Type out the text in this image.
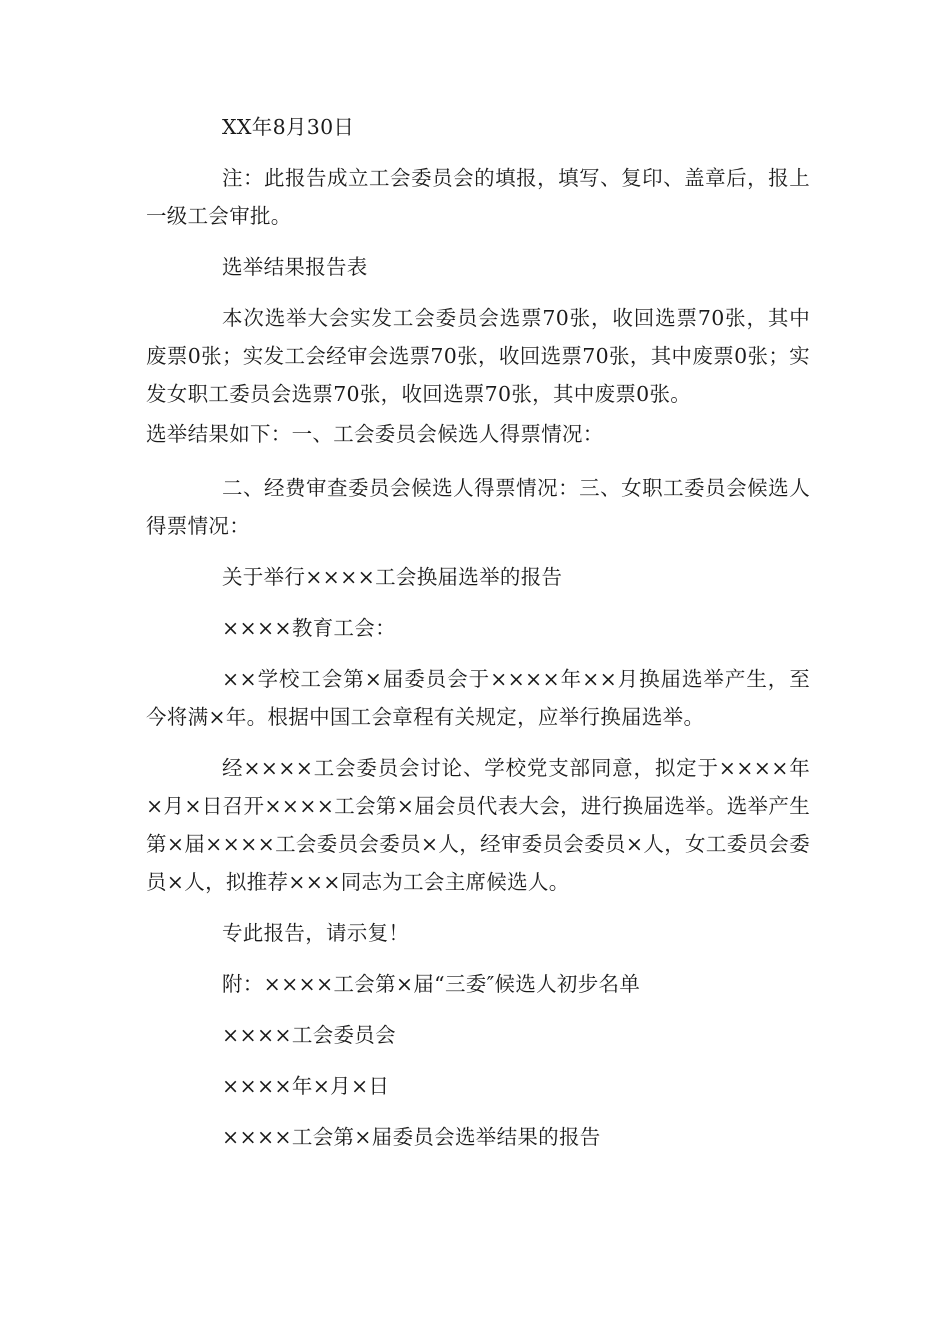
XX年8月30日

注：此报告成立工会委员会的填报，填写、复印、盖章后，报上一级工会审批。

选举结果报告表

本次选举大会实发工会委员会选票70张，收回选票70张，其中废票0张；实发工会经审会选票70张，收回选票70张，其中废票0张；实发女职工委员会选票70张，收回选票70张，其中废票0张。

选举结果如下：一、工会委员会候选人得票情况：

二、经费审查委员会候选人得票情况：三、女职工委员会候选人得票情况：

关于举行××××工会换届选举的报告

××××教育工会：

××学校工会第×届委员会于××××年××月换届选举产生，至今将满×年。根据中国工会章程有关规定，应举行换届选举。

经××××工会委员会讨论、学校党支部同意，拟定于××××年×月×日召开××××工会第×届会员代表大会，进行换届选举。选举产生第×届××××工会委员会委员×人，经审委员会委员×人，女工委员会委员×人，拟推荐×××同志为工会主席候选人。

专此报告，请示复！

附：××××工会第×届“三委″候选人初步名单

××××工会委员会

××××年×月×日

××××工会第×届委员会选举结果的报告
